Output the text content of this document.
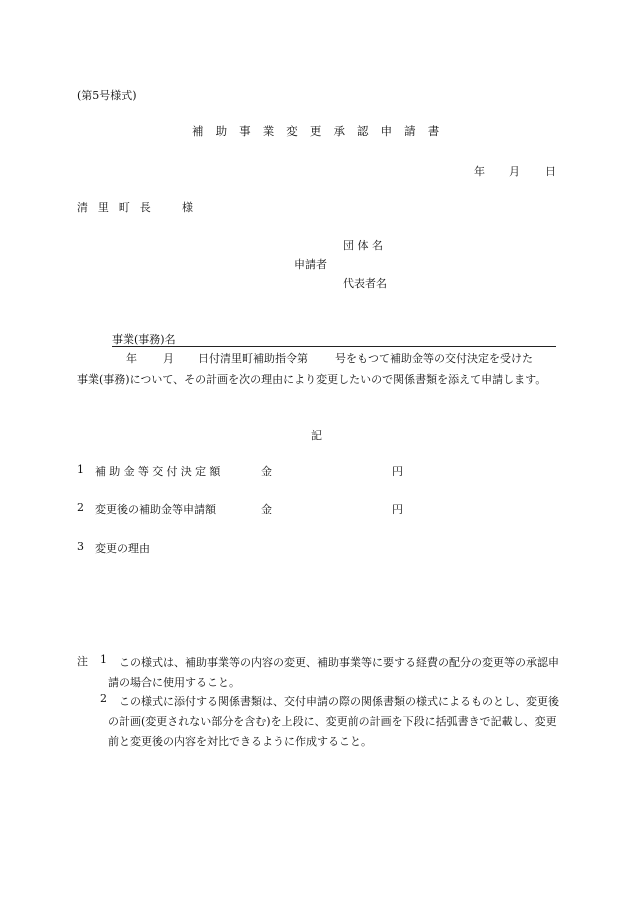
(第5号様式)
補助事業変更承認申請書
年 月 日
清里町長 様
団 体 名
申請者
代表者名
事業(事務)名
年 月 日付清里町補助指令第 号をもつて補助金等の交付決定を受けた
事業(事務)について、その計画を次の理由により変更したいので関係書類を添えて申請します。
記
1 補助金等交付決定額	金	円
2 変更後の補助金等申請額	金	円
3 変更の理由
注 1	この様式は、補助事業等の内容の変更、補助事業等に要する経費の配分の変更等の承認申請の場合に使用すること。
2	この様式に添付する関係書類は、交付申請の際の関係書類の様式によるものとし、変更後の計画(変更されない部分を含む)を上段に、変更前の計画を下段に括弧書きで記載し、変更前と変更後の内容を対比できるように作成すること。
